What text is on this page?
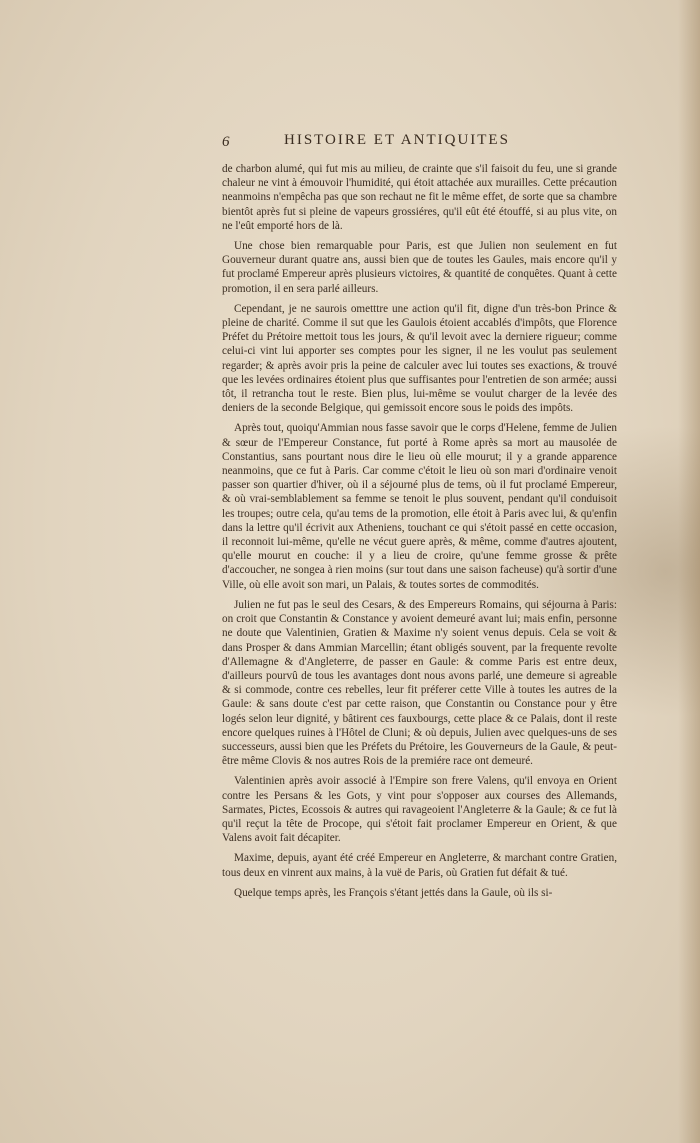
6	HISTOIRE ET ANTIQUITES

de charbon alumé, qui fut mis au milieu, de crainte que s'il faisoit du feu, une si grande chaleur ne vint à émouvoir l'humidité, qui étoit attachée aux murailles. Cette précaution neanmoins n'empêcha pas que son rechaut ne fit le même effet, de sorte que sa chambre bientôt après fut si pleine de vapeurs grossiéres, qu'il eût été étouffé, si au plus vite, on ne l'eût emporté hors de là.

Une chose bien remarquable pour Paris, est que Julien non seulement en fut Gouverneur durant quatre ans, aussi bien que de toutes les Gaules, mais encore qu'il y fut proclamé Empereur après plusieurs victoires, & quantité de conquêtes. Quant à cette promotion, il en sera parlé ailleurs.

Cependant, je ne saurois ometttre une action qu'il fit, digne d'un très-bon Prince & pleine de charité. Comme il sut que les Gaulois étoient accablés d'impôts, que Florence Préfet du Prétoire mettoit tous les jours, & qu'il levoit avec la derniere rigueur; comme celui-ci vint lui apporter ses comptes pour les signer, il ne les voulut pas seulement regarder; & après avoir pris la peine de calculer avec lui toutes ses exactions, & trouvé que les levées ordinaires étoient plus que suffisantes pour l'entretien de son armée; aussi tôt, il retrancha tout le reste. Bien plus, lui-même se voulut charger de la levée des deniers de la seconde Belgique, qui gemissoit encore sous le poids des impôts.

Après tout, quoiqu'Ammian nous fasse savoir que le corps d'Helene, femme de Julien & sœur de l'Empereur Constance, fut porté à Rome après sa mort au mausolée de Constantius, sans pourtant nous dire le lieu où elle mourut; il y a grande apparence neanmoins, que ce fut à Paris. Car comme c'étoit le lieu où son mari d'ordinaire venoit passer son quartier d'hiver, où il a séjourné plus de tems, où il fut proclamé Empereur, & où vrai-semblablement sa femme se tenoit le plus souvent, pendant qu'il conduisoit les troupes; outre cela, qu'au tems de la promotion, elle étoit à Paris avec lui, & qu'enfin dans la lettre qu'il écrivit aux Atheniens, touchant ce qui s'étoit passé en cette occasion, il reconnoit lui-même, qu'elle ne vécut guere après, & même, comme d'autres ajoutent, qu'elle mourut en couche: il y a lieu de croire, qu'une femme grosse & prête d'accoucher, ne songea à rien moins (sur tout dans une saison facheuse) qu'à sortir d'une Ville, où elle avoit son mari, un Palais, & toutes sortes de commodités.

Julien ne fut pas le seul des Cesars, & des Empereurs Romains, qui séjourna à Paris: on croit que Constantin & Constance y avoient demeuré avant lui; mais enfin, personne ne doute que Valentinien, Gratien & Maxime n'y soient venus depuis. Cela se voit & dans Prosper & dans Ammian Marcellin; étant obligés souvent, par la frequente revolte d'Allemagne & d'Angleterre, de passer en Gaule: & comme Paris est entre deux, d'ailleurs pourvû de tous les avantages dont nous avons parlé, une demeure si agreable & si commode, contre ces rebelles, leur fit préferer cette Ville à toutes les autres de la Gaule: & sans doute c'est par cette raison, que Constantin ou Constance pour y être logés selon leur dignité, y bâtirent ces fauxbourgs, cette place & ce Palais, dont il reste encore quelques ruines à l'Hôtel de Cluni; & où depuis, Julien avec quelques-uns de ses successeurs, aussi bien que les Préfets du Prétoire, les Gouverneurs de la Gaule, & peut-être même Clovis & nos autres Rois de la premiére race ont demeuré.

Valentinien après avoir associé à l'Empire son frere Valens, qu'il envoya en Orient contre les Persans & les Gots, y vint pour s'opposer aux courses des Allemands, Sarmates, Pictes, Ecossois & autres qui ravageoient l'Angleterre & la Gaule; & ce fut là qu'il reçut la tête de Procope, qui s'étoit fait proclamer Empereur en Orient, & que Valens avoit fait décapiter.

Maxime, depuis, ayant été créé Empereur en Angleterre, & marchant contre Gratien, tous deux en vinrent aux mains, à la vuë de Paris, où Gratien fut défait & tué.

Quelque temps après, les François s'étant jettés dans la Gaule, où ils si-
